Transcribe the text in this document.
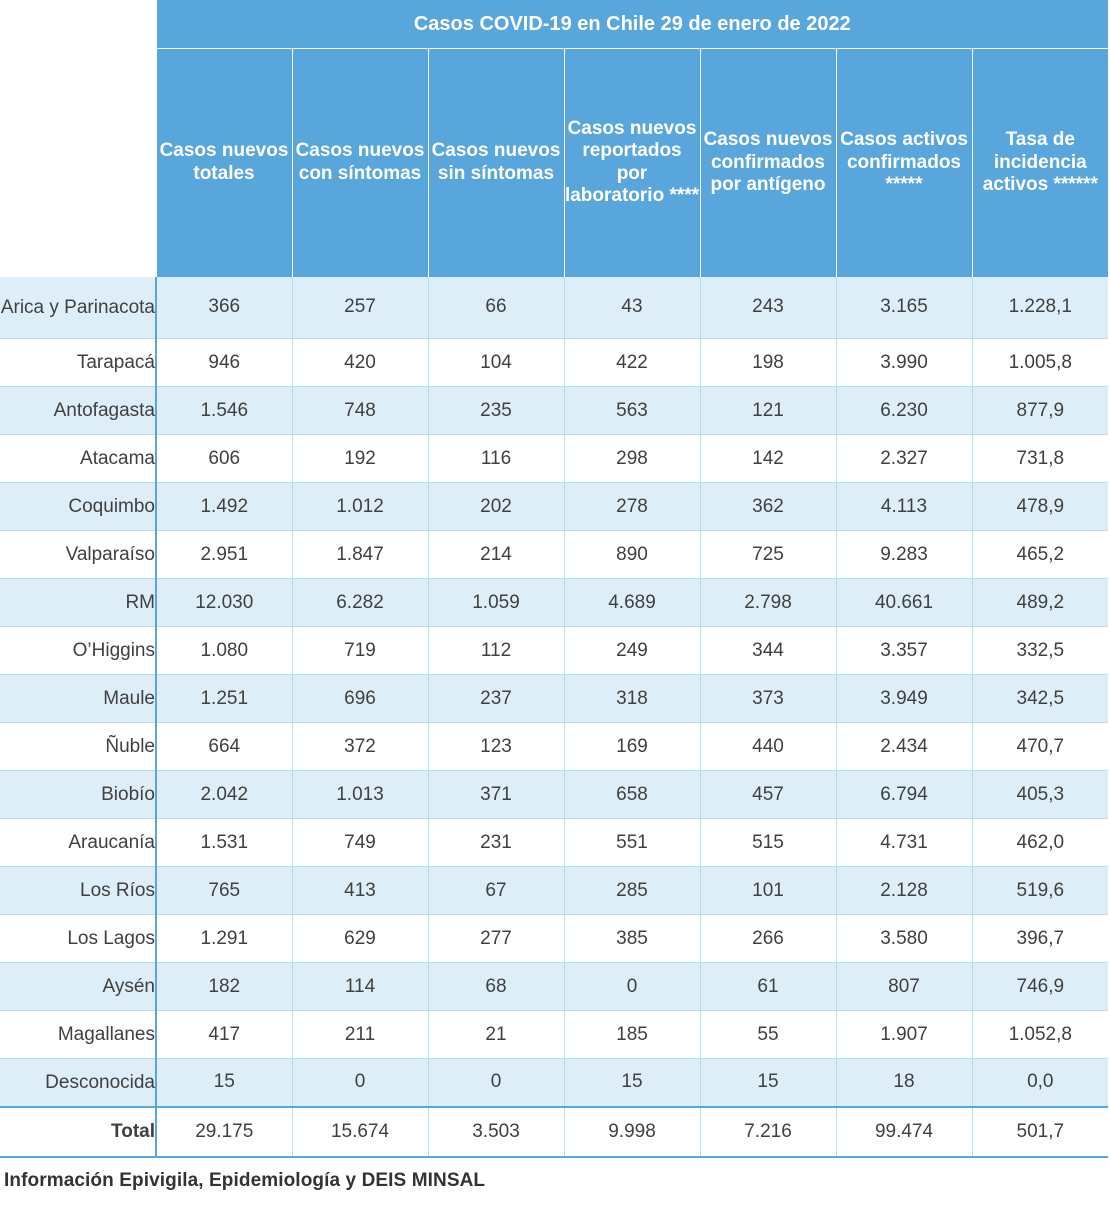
	Casos COVID-19 en Chile 29 de enero de 2022						
	Casos nuevos totales	Casos nuevos con síntomas	Casos nuevos sin síntomas	Casos nuevos reportados por laboratorio ****	Casos nuevos confirmados por antígeno	Casos activos confirmados *****	Tasa de incidencia activos ******
Arica y Parinacota	366	257	66	43	243	3.165	1.228,1
Tarapacá	946	420	104	422	198	3.990	1.005,8
Antofagasta	1.546	748	235	563	121	6.230	877,9
Atacama	606	192	116	298	142	2.327	731,8
Coquimbo	1.492	1.012	202	278	362	4.113	478,9
Valparaíso	2.951	1.847	214	890	725	9.283	465,2
RM	12.030	6.282	1.059	4.689	2.798	40.661	489,2
O’Higgins	1.080	719	112	249	344	3.357	332,5
Maule	1.251	696	237	318	373	3.949	342,5
Ñuble	664	372	123	169	440	2.434	470,7
Biobío	2.042	1.013	371	658	457	6.794	405,3
Araucanía	1.531	749	231	551	515	4.731	462,0
Los Ríos	765	413	67	285	101	2.128	519,6
Los Lagos	1.291	629	277	385	266	3.580	396,7
Aysén	182	114	68	0	61	807	746,9
Magallanes	417	211	21	185	55	1.907	1.052,8
Desconocida	15	0	0	15	15	18	0,0
Total	29.175	15.674	3.503	9.998	7.216	99.474	501,7
Información Epivigila, Epidemiología y DEIS MINSAL
